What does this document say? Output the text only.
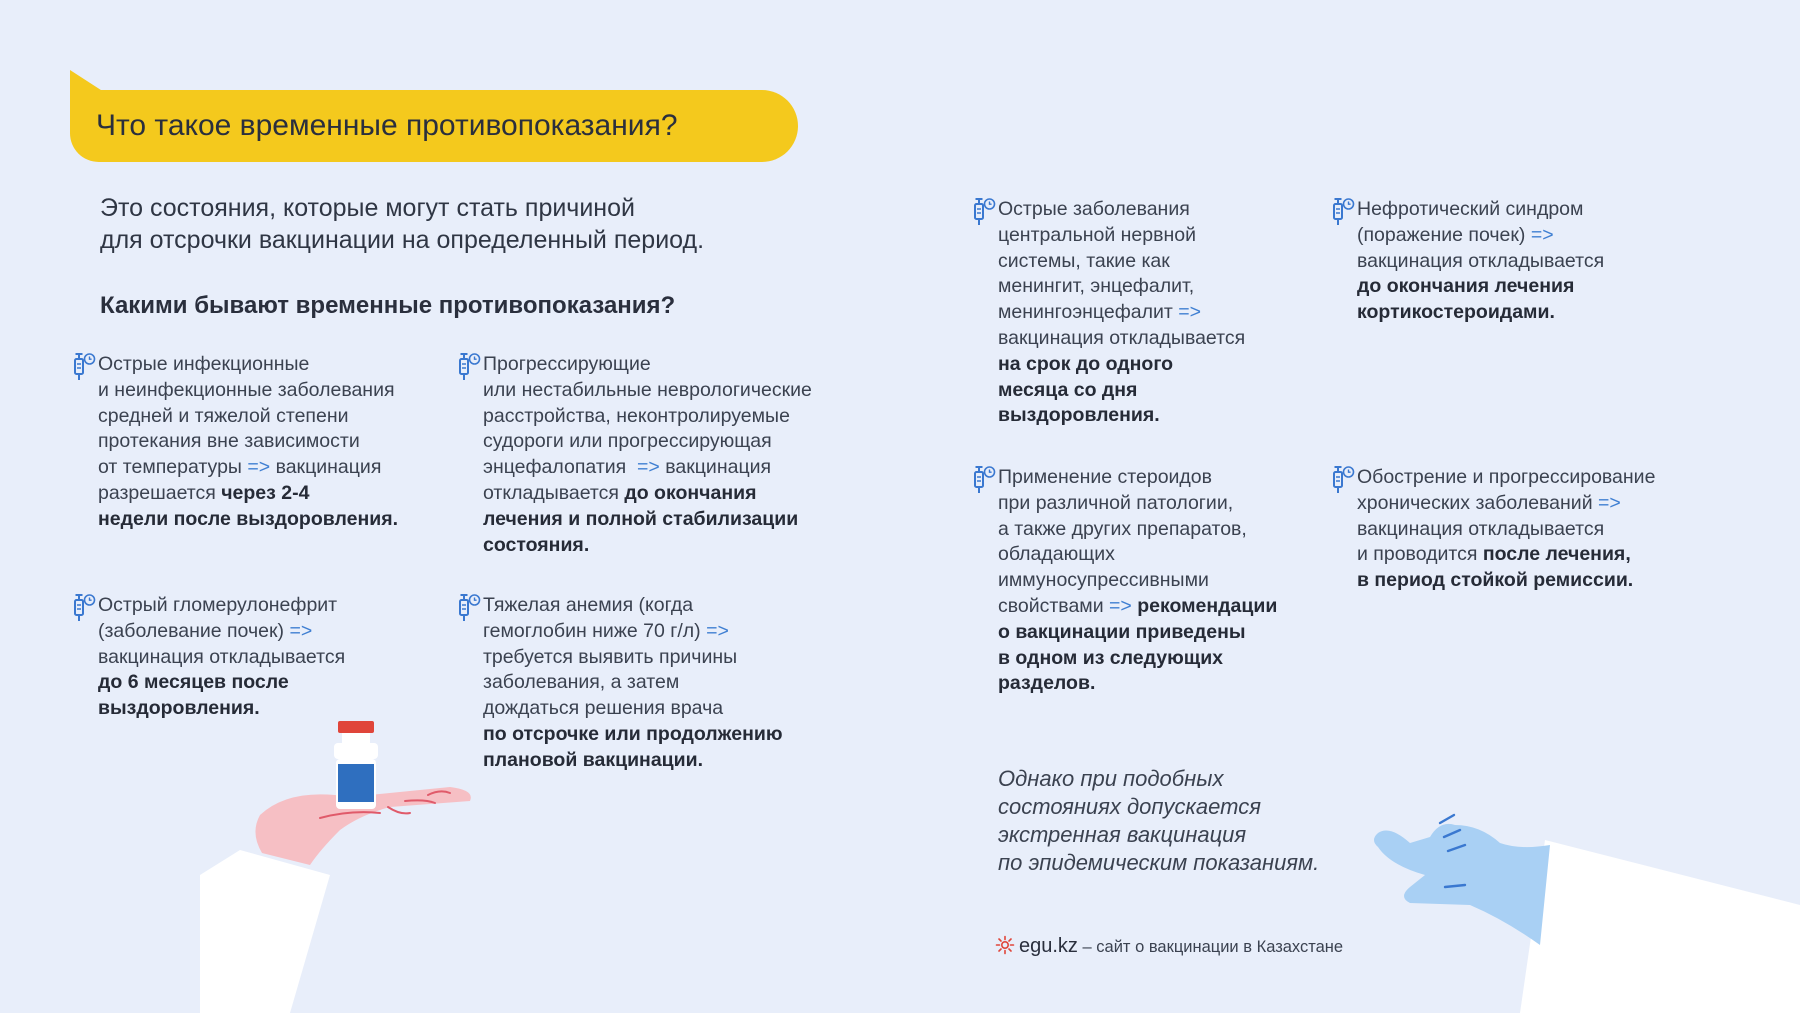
Что такое временные противопоказания?
Это состояния, которые могут стать причиной
для отсрочки вакцинации на определенный период.
Какими бывают временные противопоказания?
Острые инфекционные
и неинфекционные заболевания
средней и тяжелой степени
протекания вне зависимости
от температуры => вакцинация
разрешается через 2-4
недели после выздоровления.
Прогрессирующие
или нестабильные неврологические
расстройства, неконтролируемые
судороги или прогрессирующая
энцефалопатия => вакцинация
откладывается до окончания
лечения и полной стабилизации
состояния.
Острый гломерулонефрит
(заболевание почек) =>
вакцинация откладывается
до 6 месяцев после
выздоровления.
Тяжелая анемия (когда
гемоглобин ниже 70 г/л) =>
требуется выявить причины
заболевания, а затем
дождаться решения врача
по отсрочке или продолжению
плановой вакцинации.
Острые заболевания
центральной нервной
системы, такие как
менингит, энцефалит,
менингоэнцефалит =>
вакцинация откладывается
на срок до одного
месяца со дня
выздоровления.
Нефротический синдром
(поражение почек) =>
вакцинация откладывается
до окончания лечения
кортикостероидами.
Применение стероидов
при различной патологии,
а также других препаратов,
обладающих
иммуносупрессивными
свойствами => рекомендации
о вакцинации приведены
в одном из следующих
разделов.
Обострение и прогрессирование
хронических заболеваний =>
вакцинация откладывается
и проводится после лечения,
в период стойкой ремиссии.
Однако при подобных
состояниях допускается
экстренная вакцинация
по эпидемическим показаниям.
egu.kz – сайт о вакцинации в Казахстане
